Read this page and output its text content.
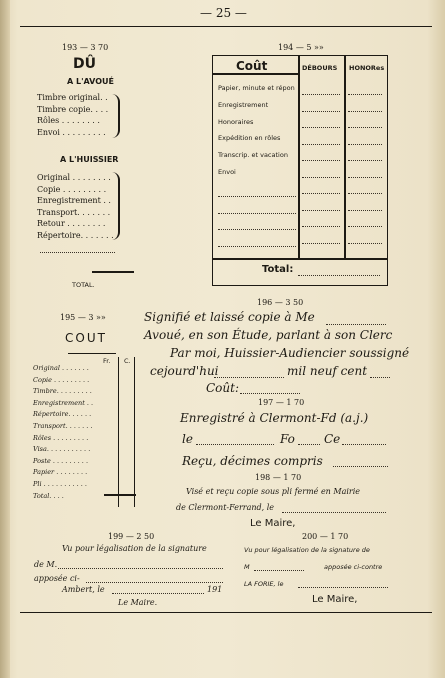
— 25 —
193 — 3 70
DÛ
A L'AVOUÉ
Timbre original. .
Timbre copie. . . .
Rôles . . . . . . . .
Envoi . . . . . . . . .
A L'HUISSIER
Original . . . . . . . .
Copie . . . . . . . . .
Enregistrement . .
Transport. . . . . . .
Retour . . . . . . . .
Répertoire. . . . . . .
TOTAL.
194 — 5 »»
Coût	DÉBOURS HONORes
Papier, minute et répon
Enregistrement
Honoraires
Expédition en rôles
Transcrip. et vacation
Envoi
Total:
195 — 3 »»
COUT
Fr. C.
Original . . . . . . .
Copie . . . . . . . . .
Timbre. . . . . . . . .
Enregistrement . .
Répertoire. . . . . .
Transport. . . . . . .
Rôles . . . . . . . . .
Visa. . . . . . . . . . .
Poste . . . . . . . . .
Papier . . . . . . . .
Pli . . . . . . . . . . .
Total. . . .
196 — 3 50
Signifié et laissé copie à Me
Avoué, en son Étude, parlant à son Clerc
Par moi, Huissier-Audiencier soussigné
cejourd'hui	mil neuf cent
Coût:
197 — 1 70
Enregistré à Clermont-Fd (a.j.)
le	Fo Ce
Reçu, décimes compris
198 — 1 70
Visé et reçu copie sous pli fermé en Mairie
de Clermont-Ferrand, le
Le Maire,
199 — 2 50
Vu pour légalisation de la signature
de M.
apposée ci-
Ambert, le	191
Le Maire.
200 — 1 70
Vu pour légalisation de la signature de
M	apposée ci-contre
LA FORIE, le
Le Maire,
